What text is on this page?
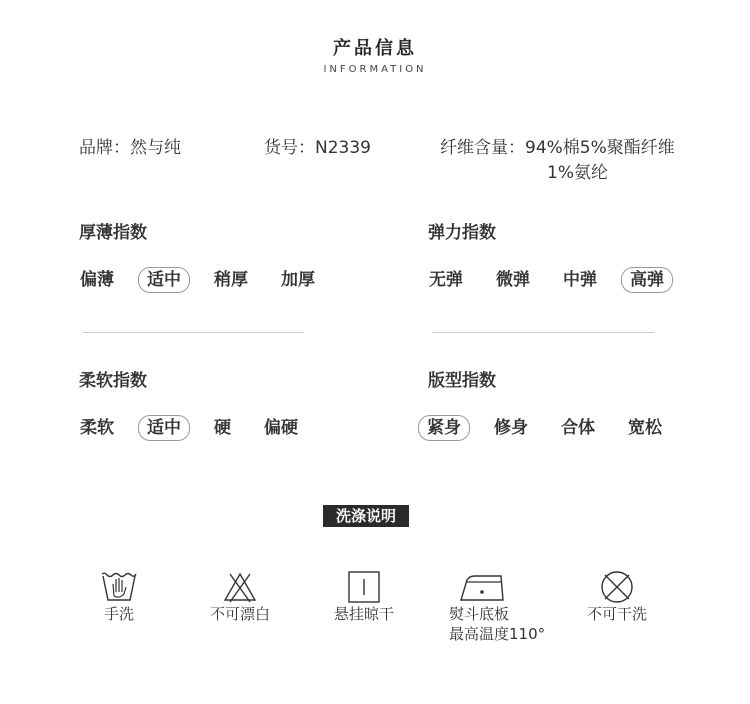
产品信息
INFORMATION
品牌：然与纯	货号：N2339	纤维含量：94%棉5%聚酯纤维
1%氨纶
厚薄指数
偏薄	适中	稍厚	加厚
弹力指数
无弹	微弹	中弹	高弹
柔软指数
柔软	适中	硬	偏硬
版型指数
紧身	修身	合体	宽松
洗涤说明
手洗	不可漂白	悬挂晾干	熨斗底板
最高温度110°
不可干洗
